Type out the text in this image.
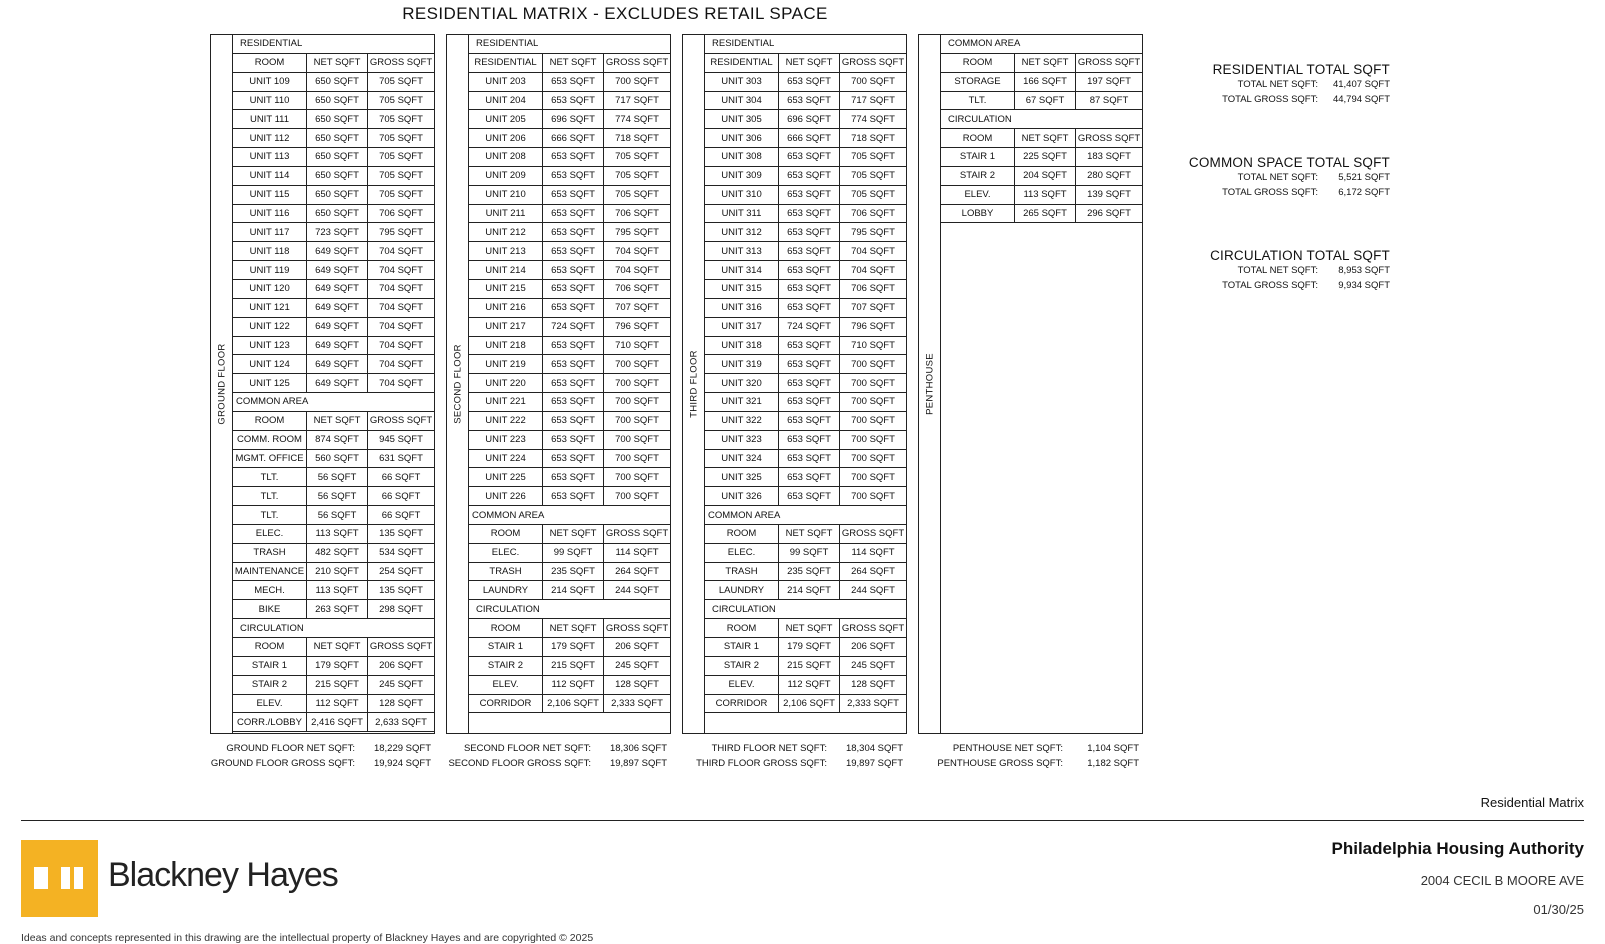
RESIDENTIAL MATRIX - EXCLUDES RETAIL SPACE
GROUND FLOOR
RESIDENTIAL
ROOM	NET SQFT GROSS SQFT
UNIT 109	650 SQFT	705 SQFT
UNIT 110	650 SQFT	705 SQFT
UNIT 111	650 SQFT	705 SQFT
UNIT 112	650 SQFT	705 SQFT
UNIT 113	650 SQFT	705 SQFT
UNIT 114	650 SQFT	705 SQFT
UNIT 115	650 SQFT	705 SQFT
UNIT 116	650 SQFT	706 SQFT
UNIT 117	723 SQFT	795 SQFT
UNIT 118	649 SQFT	704 SQFT
UNIT 119	649 SQFT	704 SQFT
UNIT 120	649 SQFT	704 SQFT
UNIT 121	649 SQFT	704 SQFT
UNIT 122	649 SQFT	704 SQFT
UNIT 123	649 SQFT	704 SQFT
UNIT 124	649 SQFT	704 SQFT
UNIT 125	649 SQFT	704 SQFT
COMMON AREA
ROOM	NET SQFT GROSS SQFT
COMM. ROOM	874 SQFT	945 SQFT
MGMT. OFFICE	560 SQFT	631 SQFT
TLT.	56 SQFT	66 SQFT
TLT.	56 SQFT	66 SQFT
TLT.	56 SQFT	66 SQFT
ELEC.	113 SQFT	135 SQFT
TRASH	482 SQFT	534 SQFT
MAINTENANCE	210 SQFT	254 SQFT
MECH.	113 SQFT	135 SQFT
BIKE	263 SQFT	298 SQFT
CIRCULATION
ROOM	NET SQFT GROSS SQFT
STAIR 1	179 SQFT	206 SQFT
STAIR 2	215 SQFT	245 SQFT
ELEV.	112 SQFT	128 SQFT
CORR./LOBBY 2,416 SQFT	2,633 SQFT
GROUND FLOOR NET SQFT:	18,229 SQFT
GROUND FLOOR GROSS SQFT:	19,924 SQFT
SECOND FLOOR
RESIDENTIAL
RESIDENTIAL	NET SQFT GROSS SQFT
UNIT 203	653 SQFT	700 SQFT
UNIT 204	653 SQFT	717 SQFT
UNIT 205	696 SQFT	774 SQFT
UNIT 206	666 SQFT	718 SQFT
UNIT 208	653 SQFT	705 SQFT
UNIT 209	653 SQFT	705 SQFT
UNIT 210	653 SQFT	705 SQFT
UNIT 211	653 SQFT	706 SQFT
UNIT 212	653 SQFT	795 SQFT
UNIT 213	653 SQFT	704 SQFT
UNIT 214	653 SQFT	704 SQFT
UNIT 215	653 SQFT	706 SQFT
UNIT 216	653 SQFT	707 SQFT
UNIT 217	724 SQFT	796 SQFT
UNIT 218	653 SQFT	710 SQFT
UNIT 219	653 SQFT	700 SQFT
UNIT 220	653 SQFT	700 SQFT
UNIT 221	653 SQFT	700 SQFT
UNIT 222	653 SQFT	700 SQFT
UNIT 223	653 SQFT	700 SQFT
UNIT 224	653 SQFT	700 SQFT
UNIT 225	653 SQFT	700 SQFT
UNIT 226	653 SQFT	700 SQFT
COMMON AREA
ROOM	NET SQFT GROSS SQFT
ELEC.	99 SQFT	114 SQFT
TRASH	235 SQFT	264 SQFT
LAUNDRY	214 SQFT	244 SQFT
CIRCULATION
ROOM	NET SQFT GROSS SQFT
STAIR 1	179 SQFT	206 SQFT
STAIR 2	215 SQFT	245 SQFT
ELEV.	112 SQFT	128 SQFT
CORRIDOR	2,106 SQFT	2,333 SQFT
SECOND FLOOR NET SQFT:	18,306 SQFT
SECOND FLOOR GROSS SQFT:	19,897 SQFT
THIRD FLOOR
RESIDENTIAL
RESIDENTIAL	NET SQFT GROSS SQFT
UNIT 303	653 SQFT	700 SQFT
UNIT 304	653 SQFT	717 SQFT
UNIT 305	696 SQFT	774 SQFT
UNIT 306	666 SQFT	718 SQFT
UNIT 308	653 SQFT	705 SQFT
UNIT 309	653 SQFT	705 SQFT
UNIT 310	653 SQFT	705 SQFT
UNIT 311	653 SQFT	706 SQFT
UNIT 312	653 SQFT	795 SQFT
UNIT 313	653 SQFT	704 SQFT
UNIT 314	653 SQFT	704 SQFT
UNIT 315	653 SQFT	706 SQFT
UNIT 316	653 SQFT	707 SQFT
UNIT 317	724 SQFT	796 SQFT
UNIT 318	653 SQFT	710 SQFT
UNIT 319	653 SQFT	700 SQFT
UNIT 320	653 SQFT	700 SQFT
UNIT 321	653 SQFT	700 SQFT
UNIT 322	653 SQFT	700 SQFT
UNIT 323	653 SQFT	700 SQFT
UNIT 324	653 SQFT	700 SQFT
UNIT 325	653 SQFT	700 SQFT
UNIT 326	653 SQFT	700 SQFT
COMMON AREA
ROOM	NET SQFT GROSS SQFT
ELEC.	99 SQFT	114 SQFT
TRASH	235 SQFT	264 SQFT
LAUNDRY	214 SQFT	244 SQFT
CIRCULATION
ROOM	NET SQFT GROSS SQFT
STAIR 1	179 SQFT	206 SQFT
STAIR 2	215 SQFT	245 SQFT
ELEV.	112 SQFT	128 SQFT
CORRIDOR	2,106 SQFT	2,333 SQFT
THIRD FLOOR NET SQFT:	18,304 SQFT
THIRD FLOOR GROSS SQFT:	19,897 SQFT
PENTHOUSE
COMMON AREA
ROOM	NET SQFT GROSS SQFT
STORAGE	166 SQFT	197 SQFT
TLT.	67 SQFT	87 SQFT
CIRCULATION
ROOM	NET SQFT GROSS SQFT
STAIR 1	225 SQFT	183 SQFT
STAIR 2	204 SQFT	280 SQFT
ELEV.	113 SQFT	139 SQFT
LOBBY	265 SQFT	296 SQFT
PENTHOUSE NET SQFT:	1,104 SQFT
PENTHOUSE GROSS SQFT:	1,182 SQFT
RESIDENTIAL TOTAL SQFT
TOTAL NET SQFT:	41,407 SQFT
TOTAL GROSS SQFT:	44,794 SQFT
COMMON SPACE TOTAL SQFT
TOTAL NET SQFT:	5,521 SQFT
TOTAL GROSS SQFT:	6,172 SQFT
CIRCULATION TOTAL SQFT
TOTAL NET SQFT:	8,953 SQFT
TOTAL GROSS SQFT:	9,934 SQFT
Residential Matrix
Blackney Hayes
Philadelphia Housing Authority
2004 CECIL B MOORE AVE
01/30/25
Ideas and concepts represented in this drawing are the intellectual property of Blackney Hayes and are copyrighted © 2025
